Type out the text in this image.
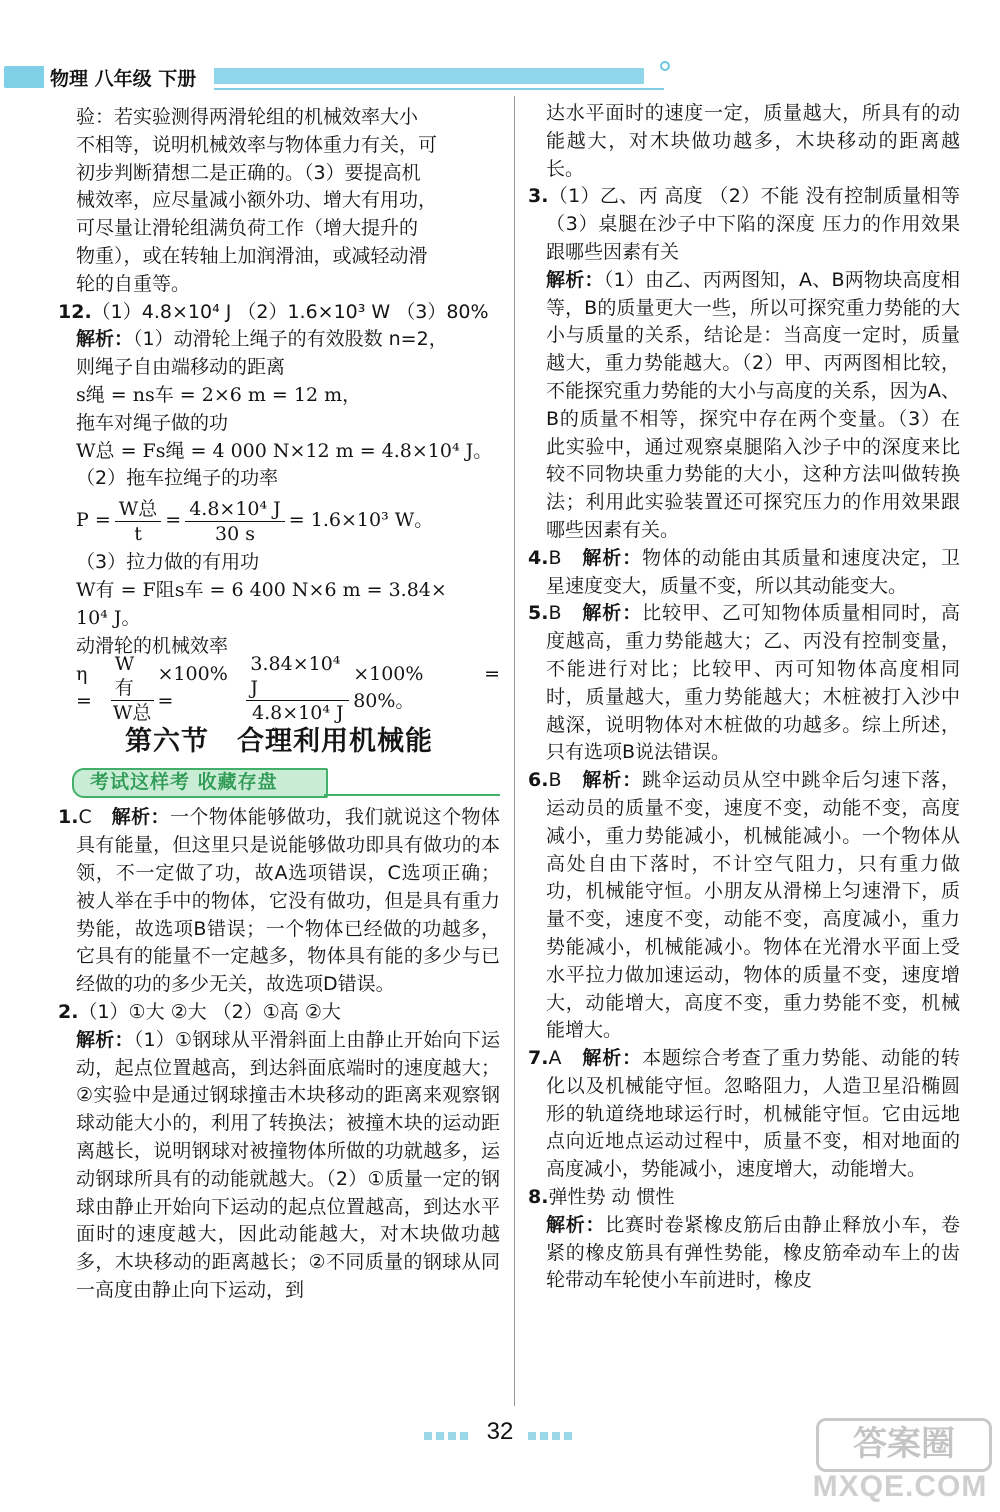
物理 八年级 下册

验：若实验测得两滑轮组的机械效率大小

不相等，说明机械效率与物体重力有关，可

初步判断猜想二是正确的。（3）要提高机

械效率，应尽量减小额外功、增大有用功，

可尽量让滑轮组满负荷工作（增大提升的

物重），或在转轴上加润滑油，或减轻动滑

轮的自重等。

12.（1）4.8×10⁴ J （2）1.6×10³ W （3）80%

解析：（1）动滑轮上绳子的有效股数 n=2，

则绳子自由端移动的距离

s绳 = ns车 = 2×6 m = 12 m，

拖车对绳子做的功

W总 = Fs绳 = 4 000 N×12 m = 4.8×10⁴ J。

（2）拖车拉绳子的功率

$P = \frac{\text{W总}}{t} = \frac{\text{4.8×10⁴ J}}{30 s} = 1.6\times 10^3$ W。

（3）拉力做的有用功

W有 = F阻s车 = 6 400 N×6 m = 3.84×

10⁴ J。

动滑轮的机械效率

$\eta = \frac{\text{W有}}{\text{W总}} \times 100\%$ =	$\frac{\text{3.84×10⁴ J}}{\text{4.8×10⁴ J}} \times 100\% = 80\%$。
第六节　合理利用机械能
考试这样考 收藏存盘

1.C　 解析：一个物体能够做功，我们就说这个物体具有能量，但这里只是说能够做功即具有做功的本领，不一定做了功，故A选项错误，C选项正确；被人举在手中的物体，它没有做功，但是具有重力势能，故选项B错误；一个物体已经做的功越多，它具有的能量不一定越多，物体具有能的多少与已经做的功的多少无关，故选项D错误。

2.（1）①大 ②大 （2）①高 ②大

解析：（1）①钢球从平滑斜面上由静止开始向下运动，起点位置越高，到达斜面底端时的速度越大；②实验中是通过钢球撞击木块移动的距离来观察钢球动能大小的，利用了转换法；被撞木块的运动距离越长，说明钢球对被撞物体所做的功就越多，运动钢球所具有的动能就越大。（2）①质量一定的钢球由静止开始向下运动的起点位置越高，到达水平面时的速度越大，因此动能越大，对木块做功越多，木块移动的距离越长；②不同质量的钢球从同一高度由静止向下运动，到

达水平面时的速度一定，质量越大，所具有的动能越大，对木块做功越多，木块移动的距离越长。

3.（1）乙、丙 高度 （2）不能 没有控制质量相等 （3）桌腿在沙子中下陷的深度 压力的作用效果跟哪些因素有关

解析：（1）由乙、丙两图知，A、B两物块高度相等，B的质量更大一些，所以可探究重力势能的大小与质量的关系，结论是：当高度一定时，质量越大，重力势能越大。（2）甲、丙两图相比较，不能探究重力势能的大小与高度的关系，因为A、B的质量不相等，探究中存在两个变量。（3）在此实验中，通过观察桌腿陷入沙子中的深度来比较不同物块重力势能的大小，这种方法叫做转换法；利用此实验装置还可探究压力的作用效果跟哪些因素有关。

4.B　 解析：物体的动能由其质量和速度决定，卫星速度变大，质量不变，所以其动能变大。

5.B　 解析：比较甲、乙可知物体质量相同时，高度越高，重力势能越大；乙、丙没有控制变量，不能进行对比；比较甲、丙可知物体高度相同时，质量越大，重力势能越大；木桩被打入沙中越深，说明物体对木桩做的功越多。综上所述，只有选项B说法错误。

6.B　 解析：跳伞运动员从空中跳伞后匀速下落，运动员的质量不变，速度不变，动能不变，高度减小，重力势能减小，机械能减小。一个物体从高处自由下落时，不计空气阻力，只有重力做功，机械能守恒。小朋友从滑梯上匀速滑下，质量不变，速度不变，动能不变，高度减小，重力势能减小，机械能减小。物体在光滑水平面上受水平拉力做加速运动，物体的质量不变，速度增大，动能增大，高度不变，重力势能不变，机械能增大。

7.A　 解析：本题综合考查了重力势能、动能的转化以及机械能守恒。忽略阻力，人造卫星沿椭圆形的轨道绕地球运行时，机械能守恒。它由远地点向近地点运动过程中，质量不变，相对地面的高度减小，势能减小，速度增大，动能增大。

8.弹性势 动 惯性

解析：比赛时卷紧橡皮筋后由静止释放小车，卷紧的橡皮筋具有弹性势能，橡皮筋牵动车上的齿轮带动车轮使小车前进时，橡皮

32	答案圈
MXQE.COM
